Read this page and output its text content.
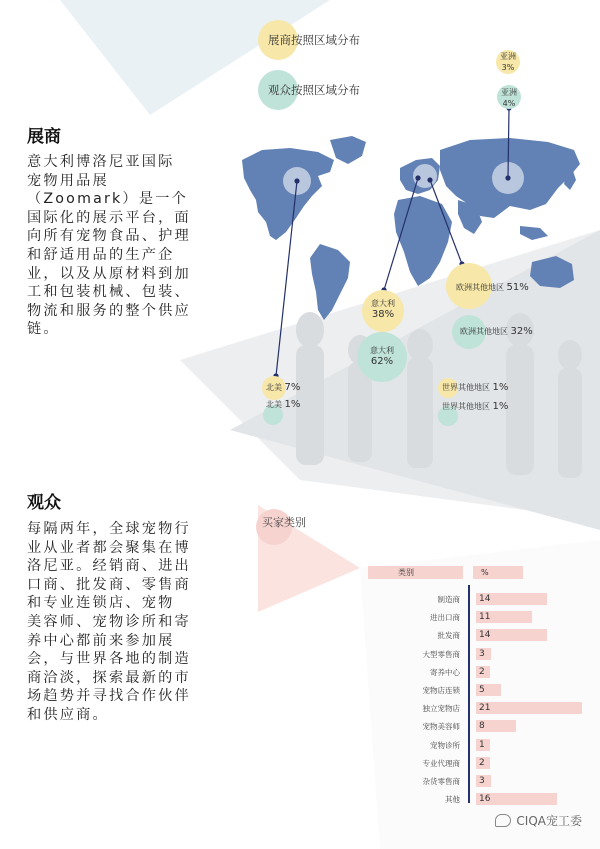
展商按照区域分布
观众按照区域分布
亚洲
3%
亚洲
4%
意大利
38%
意大利
62%
欧洲其他地区 51%
欧洲其他地区 32%
北美 7%
北美 1%
世界其他地区 1%
世界其他地区 1%
展商

意大利博洛尼亚国际

宠物用品展

（Zoomark）是一个

国际化的展示平台，面

向所有宠物食品、护理

和舒适用品的生产企

业，以及从原材料到加

工和包装机械、包装、

物流和服务的整个供应

链。

观众

每隔两年，全球宠物行

业从业者都会聚集在博

洛尼亚。经销商、进出

口商、批发商、零售商

和专业连锁店、宠物

美容师、宠物诊所和寄

养中心都前来参加展

会，与世界各地的制造

商洽淡，探索最新的市

场趋势并寻找合作伙伴

和供应商。

买家类别
类别	%
制造商 14
进出口商 11
批发商 14
大型零售商 3
寄养中心 2
宠物店连锁 5
独立宠物店 21
宠物美容师 8
宠物诊所 1
专业代理商 2
杂货零售商 3
其他 16
CIQA宠工委
